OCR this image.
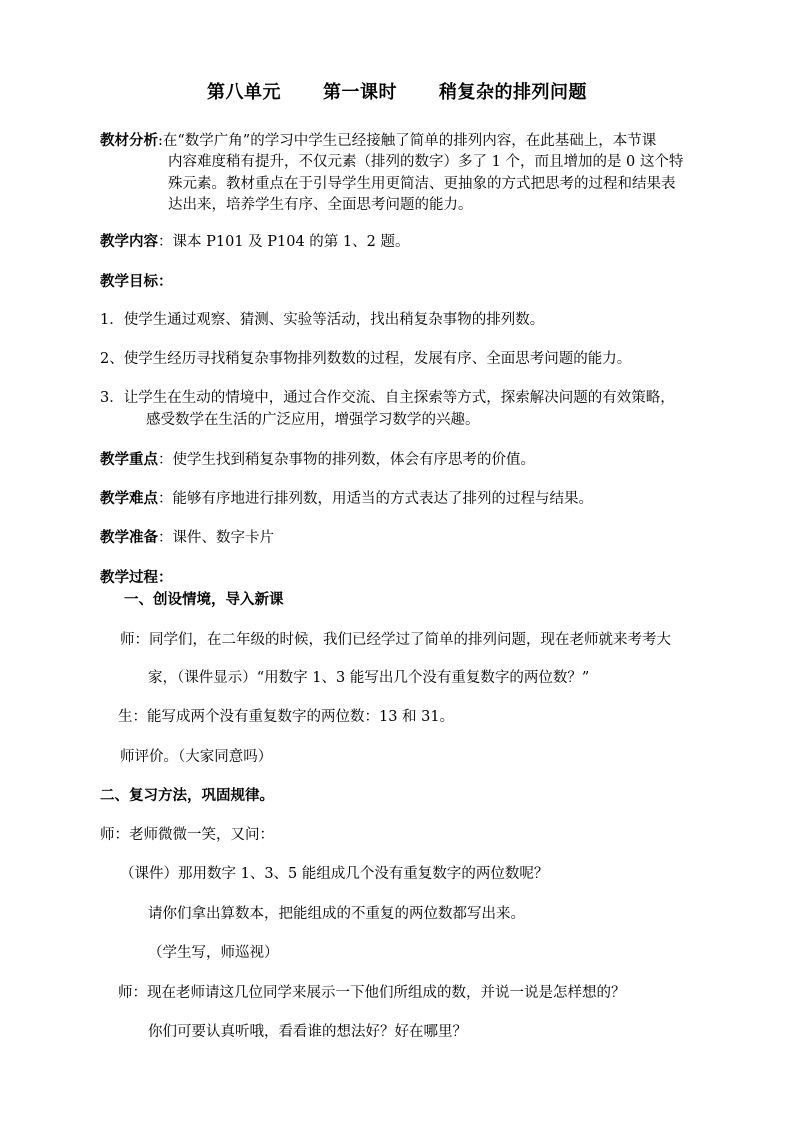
第八单元 第一课时 稍复杂的排列问题
教材分析:在“数学广角”的学习中学生已经接触了简单的排列内容，在此基础上，本节课
内容难度稍有提升，不仅元素（排列的数字）多了 1 个，而且增加的是 0 这个特
殊元素。教材重点在于引导学生用更简洁、更抽象的方式把思考的过程和结果表
达出来，培养学生有序、全面思考问题的能力。
教学内容：课本 P101 及 P104 的第 1、2 题。
教学目标：
1．使学生通过观察、猜测、实验等活动，找出稍复杂事物的排列数。
2、使学生经历寻找稍复杂事物排列数数的过程，发展有序、全面思考问题的能力。
3．让学生在生动的情境中，通过合作交流、自主探索等方式，探索解决问题的有效策略，
感受数学在生活的广泛应用，增强学习数学的兴趣。
教学重点：使学生找到稍复杂事物的排列数，体会有序思考的价值。
教学难点：能够有序地进行排列数，用适当的方式表达了排列的过程与结果。
教学准备：课件、数字卡片
教学过程：
一、创设情境，导入新课
师：同学们，在二年级的时候，我们已经学过了简单的排列问题，现在老师就来考考大
家，（课件显示）“用数字 1、3 能写出几个没有重复数字的两位数？”
生：能写成两个没有重复数字的两位数：13 和 31。
师评价。（大家同意吗）
二、复习方法，巩固规律。
师：老师微微一笑，又问：
（课件）那用数字 1、3、5 能组成几个没有重复数字的两位数呢？
请你们拿出算数本，把能组成的不重复的两位数都写出来。
（学生写，师巡视）
师：现在老师请这几位同学来展示一下他们所组成的数，并说一说是怎样想的？
你们可要认真听哦，看看谁的想法好？好在哪里？
